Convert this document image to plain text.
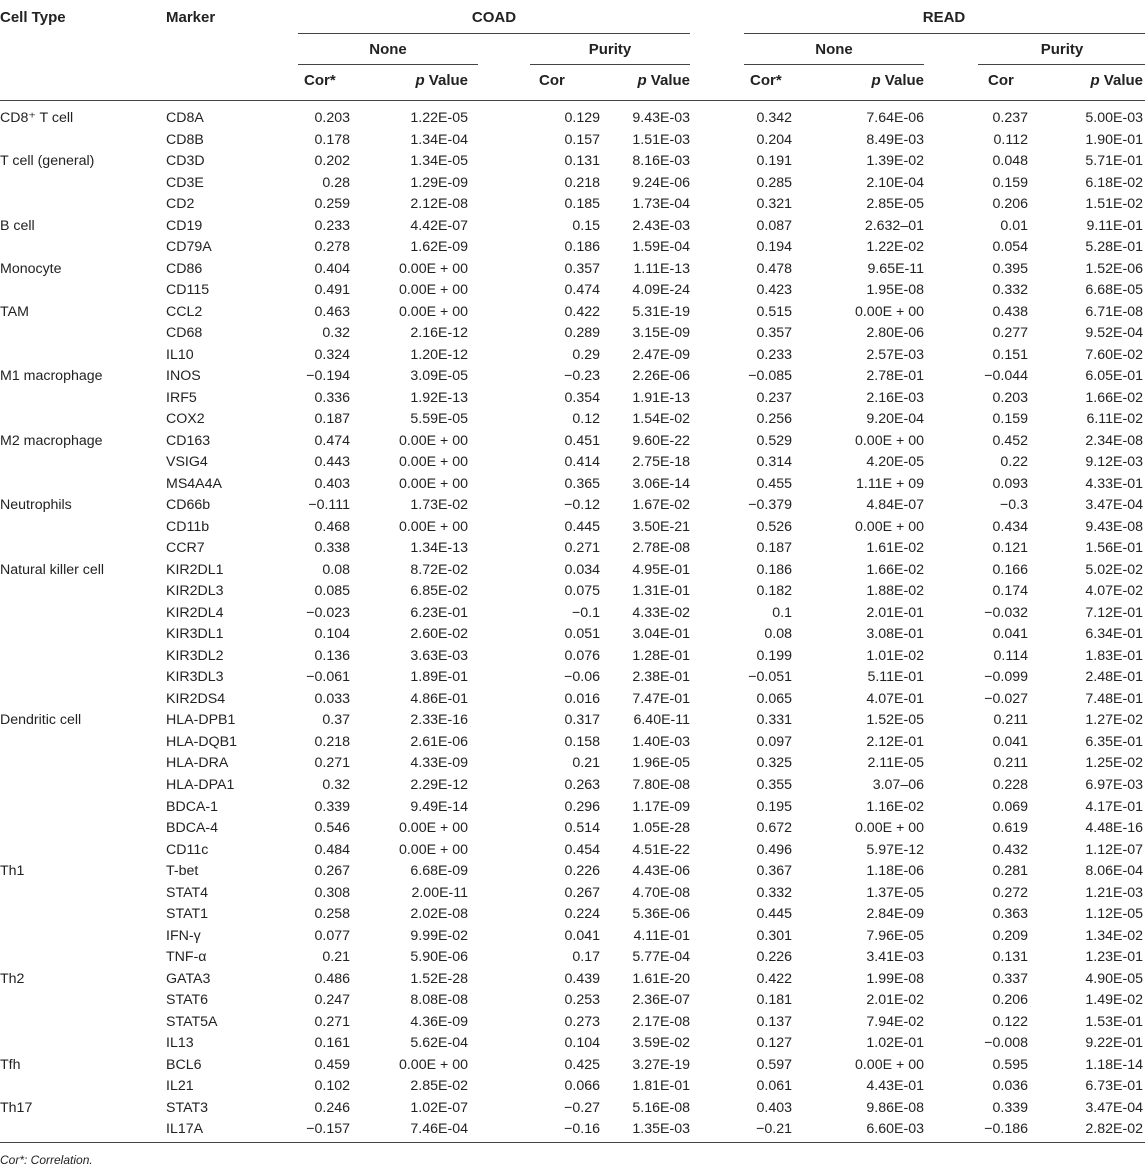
Cell Type	Marker	COAD	READ
None	Purity	None	Purity
Cor*	p Value	Cor	p Value	Cor*	p Value	Cor	p Value
CD8⁺ T cell	CD8A	0.203	1.22E-05	0.129	9.43E-03	0.342	7.64E-06	0.237	5.00E-03
CD8B	0.178	1.34E-04	0.157	1.51E-03	0.204	8.49E-03	0.112	1.90E-01
T cell (general)	CD3D	0.202	1.34E-05	0.131	8.16E-03	0.191	1.39E-02	0.048	5.71E-01
CD3E	0.28	1.29E-09	0.218	9.24E-06	0.285	2.10E-04	0.159	6.18E-02
CD2	0.259	2.12E-08	0.185	1.73E-04	0.321	2.85E-05	0.206	1.51E-02
B cell	CD19	0.233	4.42E-07	0.15	2.43E-03	0.087	2.632–01	0.01	9.11E-01
CD79A	0.278	1.62E-09	0.186	1.59E-04	0.194	1.22E-02	0.054	5.28E-01
Monocyte	CD86	0.404	0.00E + 00	0.357	1.11E-13	0.478	9.65E-11	0.395	1.52E-06
CD115	0.491	0.00E + 00	0.474	4.09E-24	0.423	1.95E-08	0.332	6.68E-05
TAM	CCL2	0.463	0.00E + 00	0.422	5.31E-19	0.515	0.00E + 00	0.438	6.71E-08
CD68	0.32	2.16E-12	0.289	3.15E-09	0.357	2.80E-06	0.277	9.52E-04
IL10	0.324	1.20E-12	0.29	2.47E-09	0.233	2.57E-03	0.151	7.60E-02
M1 macrophage	INOS	−0.194	3.09E-05	−0.23	2.26E-06	−0.085	2.78E-01	−0.044	6.05E-01
IRF5	0.336	1.92E-13	0.354	1.91E-13	0.237	2.16E-03	0.203	1.66E-02
COX2	0.187	5.59E-05	0.12	1.54E-02	0.256	9.20E-04	0.159	6.11E-02
M2 macrophage	CD163	0.474	0.00E + 00	0.451	9.60E-22	0.529	0.00E + 00	0.452	2.34E-08
VSIG4	0.443	0.00E + 00	0.414	2.75E-18	0.314	4.20E-05	0.22	9.12E-03
MS4A4A	0.403	0.00E + 00	0.365	3.06E-14	0.455	1.11E + 09	0.093	4.33E-01
Neutrophils	CD66b	−0.111	1.73E-02	−0.12	1.67E-02	−0.379	4.84E-07	−0.3	3.47E-04
CD11b	0.468	0.00E + 00	0.445	3.50E-21	0.526	0.00E + 00	0.434	9.43E-08
CCR7	0.338	1.34E-13	0.271	2.78E-08	0.187	1.61E-02	0.121	1.56E-01
Natural killer cell	KIR2DL1	0.08	8.72E-02	0.034	4.95E-01	0.186	1.66E-02	0.166	5.02E-02
KIR2DL3	0.085	6.85E-02	0.075	1.31E-01	0.182	1.88E-02	0.174	4.07E-02
KIR2DL4	−0.023	6.23E-01	−0.1	4.33E-02	0.1	2.01E-01	−0.032	7.12E-01
KIR3DL1	0.104	2.60E-02	0.051	3.04E-01	0.08	3.08E-01	0.041	6.34E-01
KIR3DL2	0.136	3.63E-03	0.076	1.28E-01	0.199	1.01E-02	0.114	1.83E-01
KIR3DL3	−0.061	1.89E-01	−0.06	2.38E-01	−0.051	5.11E-01	−0.099	2.48E-01
KIR2DS4	0.033	4.86E-01	0.016	7.47E-01	0.065	4.07E-01	−0.027	7.48E-01
Dendritic cell	HLA-DPB1	0.37	2.33E-16	0.317	6.40E-11	0.331	1.52E-05	0.211	1.27E-02
HLA-DQB1	0.218	2.61E-06	0.158	1.40E-03	0.097	2.12E-01	0.041	6.35E-01
HLA-DRA	0.271	4.33E-09	0.21	1.96E-05	0.325	2.11E-05	0.211	1.25E-02
HLA-DPA1	0.32	2.29E-12	0.263	7.80E-08	0.355	3.07–06	0.228	6.97E-03
BDCA-1	0.339	9.49E-14	0.296	1.17E-09	0.195	1.16E-02	0.069	4.17E-01
BDCA-4	0.546	0.00E + 00	0.514	1.05E-28	0.672	0.00E + 00	0.619	4.48E-16
CD11c	0.484	0.00E + 00	0.454	4.51E-22	0.496	5.97E-12	0.432	1.12E-07
Th1	T-bet	0.267	6.68E-09	0.226	4.43E-06	0.367	1.18E-06	0.281	8.06E-04
STAT4	0.308	2.00E-11	0.267	4.70E-08	0.332	1.37E-05	0.272	1.21E-03
STAT1	0.258	2.02E-08	0.224	5.36E-06	0.445	2.84E-09	0.363	1.12E-05
IFN-γ	0.077	9.99E-02	0.041	4.11E-01	0.301	7.96E-05	0.209	1.34E-02
TNF-α	0.21	5.90E-06	0.17	5.77E-04	0.226	3.41E-03	0.131	1.23E-01
Th2	GATA3	0.486	1.52E-28	0.439	1.61E-20	0.422	1.99E-08	0.337	4.90E-05
STAT6	0.247	8.08E-08	0.253	2.36E-07	0.181	2.01E-02	0.206	1.49E-02
STAT5A	0.271	4.36E-09	0.273	2.17E-08	0.137	7.94E-02	0.122	1.53E-01
IL13	0.161	5.62E-04	0.104	3.59E-02	0.127	1.02E-01	−0.008	9.22E-01
Tfh	BCL6	0.459	0.00E + 00	0.425	3.27E-19	0.597	0.00E + 00	0.595	1.18E-14
IL21	0.102	2.85E-02	0.066	1.81E-01	0.061	4.43E-01	0.036	6.73E-01
Th17	STAT3	0.246	1.02E-07	−0.27	5.16E-08	0.403	9.86E-08	0.339	3.47E-04
IL17A	−0.157	7.46E-04	−0.16	1.35E-03	−0.21	6.60E-03	−0.186	2.82E-02
Cor*: Correlation.
